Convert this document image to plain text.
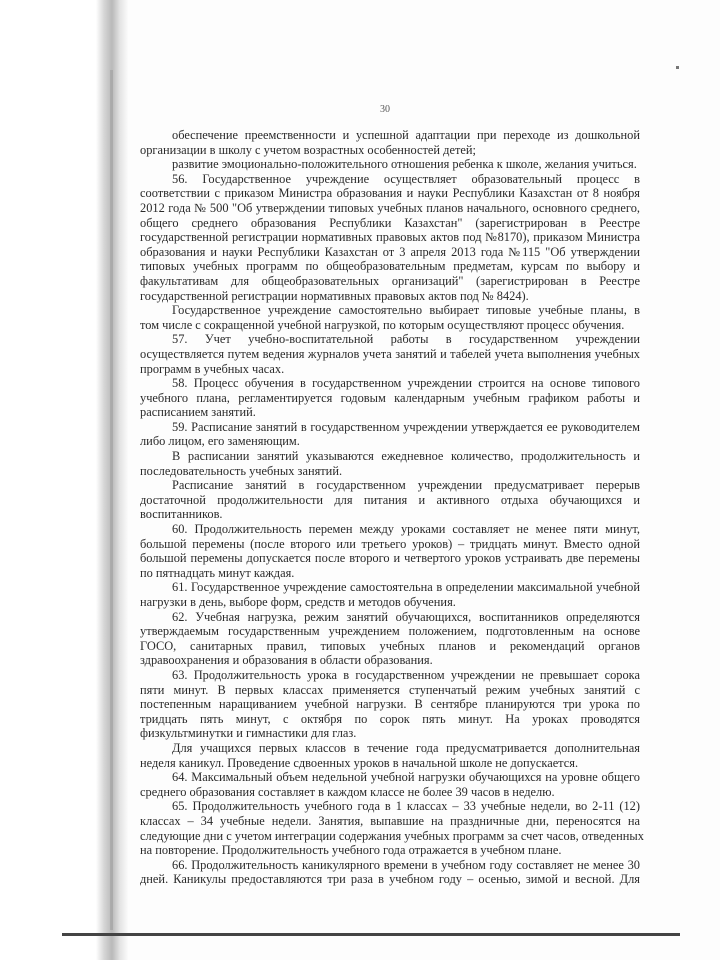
30
обеспечение преемственности и успешной адаптации при переходе из дошкольной
организации в школу с учетом возрастных особенностей детей;
развитие эмоционально-положительного отношения ребенка к школе, желания учиться.
56. Государственное учреждение осуществляет образовательный процесс в
соответствии с приказом Министра образования и науки Республики Казахстан от 8 ноября
2012 года № 500 "Об утверждении типовых учебных планов начального, основного среднего,
общего среднего образования Республики Казахстан" (зарегистрирован в Реестре
государственной регистрации нормативных правовых актов под №8170), приказом Министра
образования и науки Республики Казахстан от 3 апреля 2013 года №115 "Об утверждении
типовых учебных программ по общеобразовательным предметам, курсам по выбору и
факультативам для общеобразовательных организаций" (зарегистрирован в Реестре
государственной регистрации нормативных правовых актов под № 8424).
Государственное учреждение самостоятельно выбирает типовые учебные планы, в
том числе с сокращенной учебной нагрузкой, по которым осуществляют процесс обучения.
57. Учет учебно-воспитательной работы в государственном учреждении
осуществляется путем ведения журналов учета занятий и табелей учета выполнения учебных
программ в учебных часах.
58. Процесс обучения в государственном учреждении строится на основе типового
учебного плана, регламентируется годовым календарным учебным графиком работы и
расписанием занятий.
59. Расписание занятий в государственном учреждении утверждается ее руководителем
либо лицом, его заменяющим.
В расписании занятий указываются ежедневное количество, продолжительность и
последовательность учебных занятий.
Расписание занятий в государственном учреждении предусматривает перерыв
достаточной продолжительности для питания и активного отдыха обучающихся и
воспитанников.
60. Продолжительность перемен между уроками составляет не менее пяти минут,
большой перемены (после второго или третьего уроков) – тридцать минут. Вместо одной
большой перемены допускается после второго и четвертого уроков устраивать две перемены
по пятнадцать минут каждая.
61. Государственное учреждение самостоятельна в определении максимальной учебной
нагрузки в день, выборе форм, средств и методов обучения.
62. Учебная нагрузка, режим занятий обучающихся, воспитанников определяются
утверждаемым государственным учреждением положением, подготовленным на основе
ГОСО, санитарных правил, типовых учебных планов и рекомендаций органов
здравоохранения и образования в области образования.
63. Продолжительность урока в государственном учреждении не превышает сорока
пяти минут. В первых классах применяется ступенчатый режим учебных занятий с
постепенным наращиванием учебной нагрузки. В сентябре планируются три урока по
тридцать пять минут, с октября по сорок пять минут. На уроках проводятся
физкультминутки и гимнастики для глаз.
Для учащихся первых классов в течение года предусматривается дополнительная
неделя каникул. Проведение сдвоенных уроков в начальной школе не допускается.
64. Максимальный объем недельной учебной нагрузки обучающихся на уровне общего
среднего образования составляет в каждом классе не более 39 часов в неделю.
65. Продолжительность учебного года в 1 классах – 33 учебные недели, во 2-11 (12)
классах – 34 учебные недели. Занятия, выпавшие на праздничные дни, переносятся на
следующие дни с учетом интеграции содержания учебных программ за счет часов, отведенных
на повторение. Продолжительность учебного года отражается в учебном плане.
66. Продолжительность каникулярного времени в учебном году составляет не менее 30
дней. Каникулы предоставляются три раза в учебном году – осенью, зимой и весной. Для
